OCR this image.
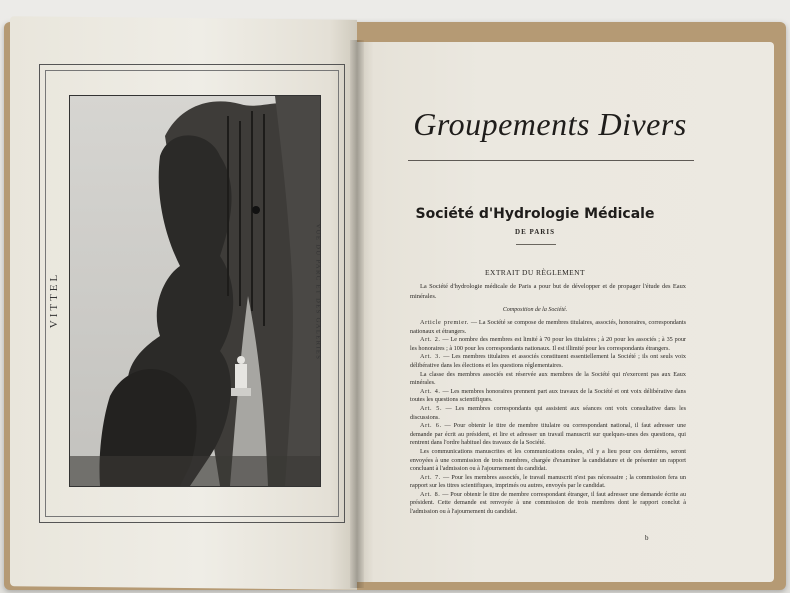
VITTEL	VUE DU PARC ET DES GALERIES
Groupements Divers
Société d'Hydrologie Médicale
DE PARIS
EXTRAIT DU RÈGLEMENT

La Société d'hydrologie médicale de Paris a pour but de développer et de propager l'étude des Eaux minérales.

Composition de la Société.

Article premier. — La Société se compose de membres titulaires, associés, honoraires, correspondants nationaux et étrangers.

Art. 2. — Le nombre des membres est limité à 70 pour les titulaires ; à 20 pour les associés ; à 35 pour les honoraires ; à 100 pour les correspondants nationaux. Il est illimité pour les correspondants étrangers.

Art. 3. — Les membres titulaires et associés constituent essentiellement la Société ; ils ont seuls voix délibérative dans les élections et les questions réglementaires.

La classe des membres associés est réservée aux membres de la Société qui n'exercent pas aux Eaux minérales.

Art. 4. — Les membres honoraires prennent part aux travaux de la Société et ont voix délibérative dans toutes les questions scientifiques.

Art. 5. — Les membres correspondants qui assistent aux séances ont voix consultative dans les discussions.

Art. 6. — Pour obtenir le titre de membre titulaire ou correspondant national, il faut adresser une demande par écrit au président, et lire et adresser un travail manuscrit sur quelques-unes des questions, qui rentrent dans l'ordre habituel des travaux de la Société.

Les communications manuscrites et les communications orales, s'il y a lieu pour ces dernières, seront envoyées à une commission de trois membres, chargée d'examiner la candidature et de présenter un rapport concluant à l'admission ou à l'ajournement du candidat.

Art. 7. — Pour les membres associés, le travail manuscrit n'est pas nécessaire ; la commission fera un rapport sur les titres scientifiques, imprimés ou autres, envoyés par le candidat.

Art. 8. — Pour obtenir le titre de membre correspondant étranger, il faut adresser une demande écrite au président. Cette demande est renvoyée à une commission de trois membres dont le rapport conclut à l'admission ou à l'ajournement du candidat.

b
